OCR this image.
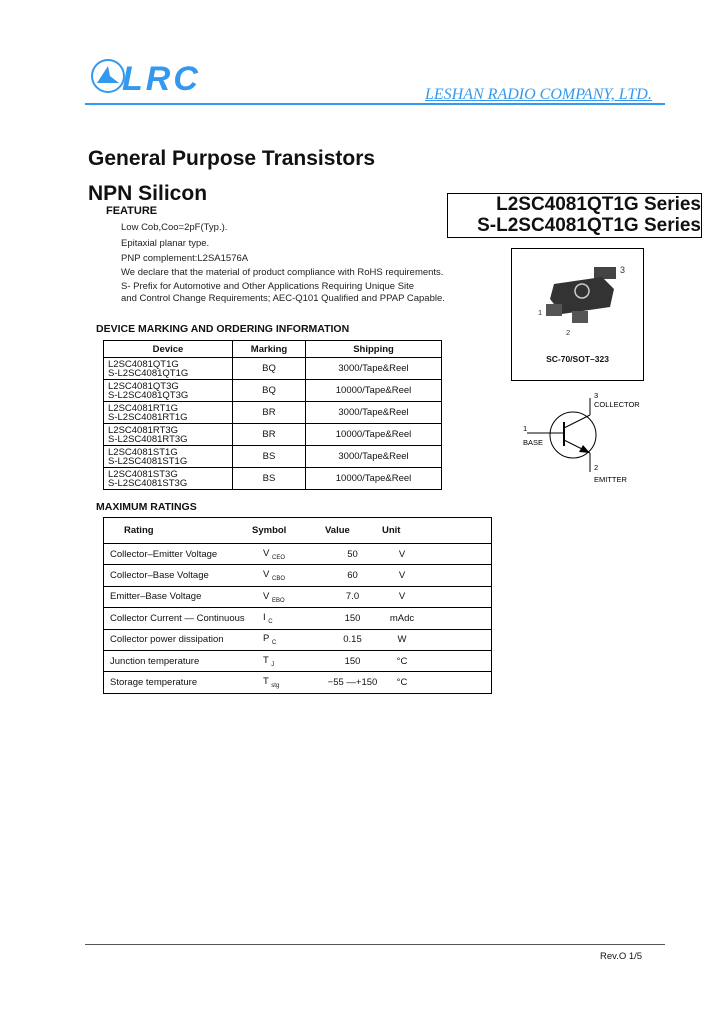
LRC	LESHAN RADIO COMPANY, LTD.
General Purpose Transistors
NPN Silicon	L2SC4081QT1G Series
S-L2SC4081QT1G Series
FEATURE
Low Cob,Coo=2pF(Typ.).
Epitaxial planar type.
PNP complement:L2SA1576A
We declare that the material of product compliance with RoHS requirements.
S- Prefix for Automotive and Other Applications Requiring Unique Site
and Control Change Requirements; AEC-Q101 Qualified and PPAP Capable.
1
2
3
SC-70/SOT–323
3
COLLECTOR
1
BASE
2
EMITTER
DEVICE MARKING AND ORDERING INFORMATION
Device	Marking	Shipping

L2SC4081QT1G
S-L2SC4081QT1G	BQ	3000/Tape&Reel

L2SC4081QT3G
S-L2SC4081QT3G	BQ	10000/Tape&Reel

L2SC4081RT1G
S-L2SC4081RT1G	BR	3000/Tape&Reel

L2SC4081RT3G
S-L2SC4081RT3G	BR	10000/Tape&Reel

L2SC4081ST1G
S-L2SC4081ST1G	BS	3000/Tape&Reel

L2SC4081ST3G
S-L2SC4081ST3G	BS	10000/Tape&Reel
MAXIMUM RATINGS
Rating	Symbol	Value	Unit	
Collector–Emitter Voltage	V $_{CEO}$	50	V	
Collector–Base Voltage	V $_{CBO}$	60	V	
Emitter–Base Voltage	V $_{EBO}$	7.0	V	
Collector Current — Continuous	I $_C$	150	mAdc	
Collector power dissipation	P $_C$	0.15	W	
Junction temperature	T $_J$	150	°C	
Storage temperature	T $_{stg}$	−55 —+150	°C	
Rev.O 1/5
